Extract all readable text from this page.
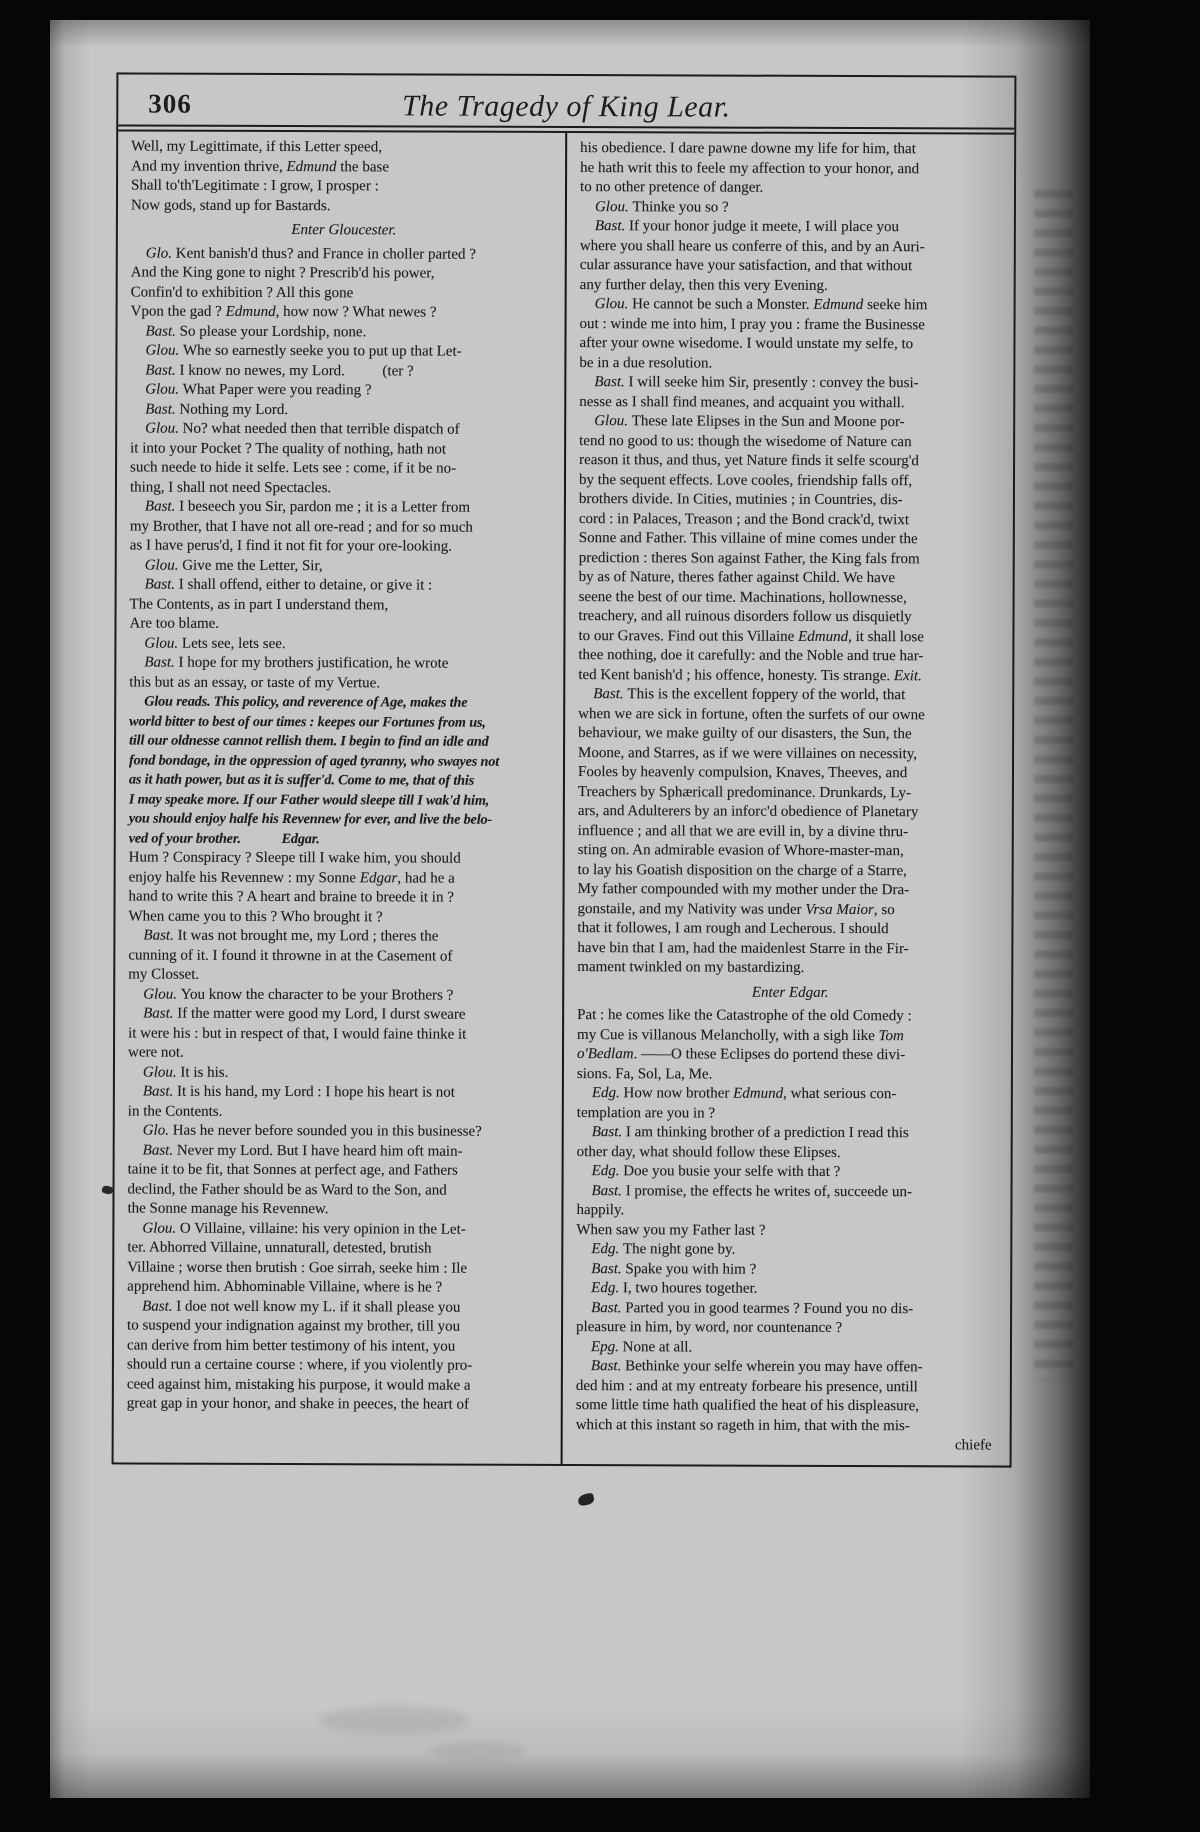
306	The Tragedy of King Lear.
Well, my Legittimate, if this Letter speed,
And my invention thrive, Edmund the base
Shall to'th'Legitimate : I grow, I prosper :
Now gods, stand up for Bastards.
Enter Gloucester.
Glo. Kent banish'd thus? and France in choller parted ?
And the King gone to night ? Prescrib'd his power,
Confin'd to exhibition ? All this gone
Vpon the gad ? Edmund, how now ? What newes ?
Bast. So please your Lordship, none.
Glou. Whe so earnestly seeke you to put up that Let-
Bast. I know no newes, my Lord.          (ter ?
Glou. What Paper were you reading ?
Bast. Nothing my Lord.
Glou. No? what needed then that terrible dispatch of
it into your Pocket ? The quality of nothing, hath not
such neede to hide it selfe. Lets see : come, if it be no-
thing, I shall not need Spectacles.
Bast. I beseech you Sir, pardon me ; it is a Letter from
my Brother, that I have not all ore-read ; and for so much
as I have perus'd, I find it not fit for your ore-looking.
Glou. Give me the Letter, Sir,
Bast. I shall offend, either to detaine, or give it :
The Contents, as in part I understand them,
Are too blame.
Glou. Lets see, lets see.
Bast. I hope for my brothers justification, he wrote
this but as an essay, or taste of my Vertue.
Glou reads. This policy, and reverence of Age, makes the
world bitter to best of our times : keepes our Fortunes from us,
till our oldnesse cannot rellish them. I begin to find an idle and
fond bondage, in the oppression of aged tyranny, who swayes not
as it hath power, but as it is suffer'd. Come to me, that of this
I may speake more. If our Father would sleepe till I wak'd him,
you should enjoy halfe his Revennew for ever, and live the belo-
ved of your brother.            Edgar.
Hum ? Conspiracy ? Sleepe till I wake him, you should
enjoy halfe his Revennew : my Sonne Edgar, had he a
hand to write this ? A heart and braine to breede it in ?
When came you to this ? Who brought it ?
Bast. It was not brought me, my Lord ; theres the
cunning of it. I found it throwne in at the Casement of
my Closset.
Glou. You know the character to be your Brothers ?
Bast. If the matter were good my Lord, I durst sweare
it were his : but in respect of that, I would faine thinke it
were not.
Glou. It is his.
Bast. It is his hand, my Lord : I hope his heart is not
in the Contents.
Glo. Has he never before sounded you in this businesse?
Bast. Never my Lord. But I have heard him oft main-
taine it to be fit, that Sonnes at perfect age, and Fathers
declind, the Father should be as Ward to the Son, and
the Sonne manage his Revennew.
Glou. O Villaine, villaine: his very opinion in the Let-
ter. Abhorred Villaine, unnaturall, detested, brutish
Villaine ; worse then brutish : Goe sirrah, seeke him : Ile
apprehend him. Abhominable Villaine, where is he ?
Bast. I doe not well know my L. if it shall please you
to suspend your indignation against my brother, till you
can derive from him better testimony of his intent, you
should run a certaine course : where, if you violently pro-
ceed against him, mistaking his purpose, it would make a
great gap in your honor, and shake in peeces, the heart of
his obedience. I dare pawne downe my life for him, that
he hath writ this to feele my affection to your honor, and
to no other pretence of danger.
Glou. Thinke you so ?
Bast. If your honor judge it meete, I will place you
where you shall heare us conferre of this, and by an Auri-
cular assurance have your satisfaction, and that without
any further delay, then this very Evening.
Glou. He cannot be such a Monster. Edmund seeke him
out : winde me into him, I pray you : frame the Businesse
after your owne wisedome. I would unstate my selfe, to
be in a due resolution.
Bast. I will seeke him Sir, presently : convey the busi-
nesse as I shall find meanes, and acquaint you withall.
Glou. These late Elipses in the Sun and Moone por-
tend no good to us: though the wisedome of Nature can
reason it thus, and thus, yet Nature finds it selfe scourg'd
by the sequent effects. Love cooles, friendship falls off,
brothers divide. In Cities, mutinies ; in Countries, dis-
cord : in Palaces, Treason ; and the Bond crack'd, twixt
Sonne and Father. This villaine of mine comes under the
prediction : theres Son against Father, the King fals from
by as of Nature, theres father against Child. We have
seene the best of our time. Machinations, hollownesse,
treachery, and all ruinous disorders follow us disquietly
to our Graves. Find out this Villaine Edmund, it shall lose
thee nothing, doe it carefully: and the Noble and true har-
ted Kent banish'd ; his offence, honesty. Tis strange. Exit.
Bast. This is the excellent foppery of the world, that
when we are sick in fortune, often the surfets of our owne
behaviour, we make guilty of our disasters, the Sun, the
Moone, and Starres, as if we were villaines on necessity,
Fooles by heavenly compulsion, Knaves, Theeves, and
Treachers by Sphæricall predominance. Drunkards, Ly-
ars, and Adulterers by an inforc'd obedience of Planetary
influence ; and all that we are evill in, by a divine thru-
sting on. An admirable evasion of Whore-master-man,
to lay his Goatish disposition on the charge of a Starre,
My father compounded with my mother under the Dra-
gonstaile, and my Nativity was under Vrsa Maior, so
that it followes, I am rough and Lecherous. I should
have bin that I am, had the maidenlest Starre in the Fir-
mament twinkled on my bastardizing.
Enter Edgar.
Pat : he comes like the Catastrophe of the old Comedy :
my Cue is villanous Melancholly, with a sigh like Tom
o'Bedlam. ——O these Eclipses do portend these divi-
sions. Fa, Sol, La, Me.
Edg. How now brother Edmund, what serious con-
templation are you in ?
Bast. I am thinking brother of a prediction I read this
other day, what should follow these Elipses.
Edg. Doe you busie your selfe with that ?
Bast. I promise, the effects he writes of, succeede un-
happily.
When saw you my Father last ?
Edg. The night gone by.
Bast. Spake you with him ?
Edg. I, two houres together.
Bast. Parted you in good tearmes ? Found you no dis-
pleasure in him, by word, nor countenance ?
Epg. None at all.
Bast. Bethinke your selfe wherein you may have offen-
ded him : and at my entreaty forbeare his presence, untill
some little time hath qualified the heat of his displeasure,
which at this instant so rageth in him, that with the mis-
chiefe
